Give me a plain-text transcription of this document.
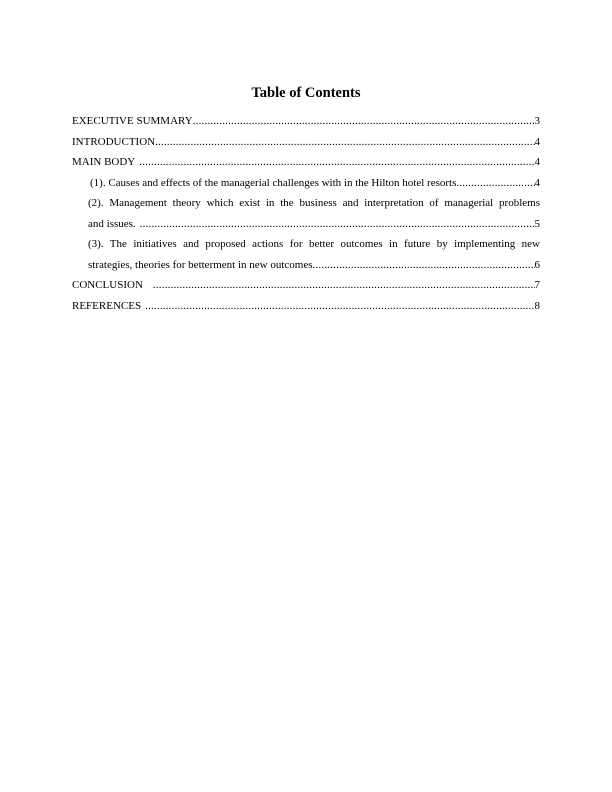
Table of Contents
EXECUTIVE SUMMARY .....	3
INTRODUCTION .....	4
MAIN BODY .....	4
(1). Causes and effects of the managerial challenges with in the Hilton hotel resorts .....	4
(2). Management theory which exist in the business and interpretation of managerial problems
and issues. .....	5
(3). The initiatives and proposed actions for better outcomes in future by implementing new
strategies, theories for betterment in new outcomes .....	6
CONCLUSION .....	7
REFERENCES .....	8
